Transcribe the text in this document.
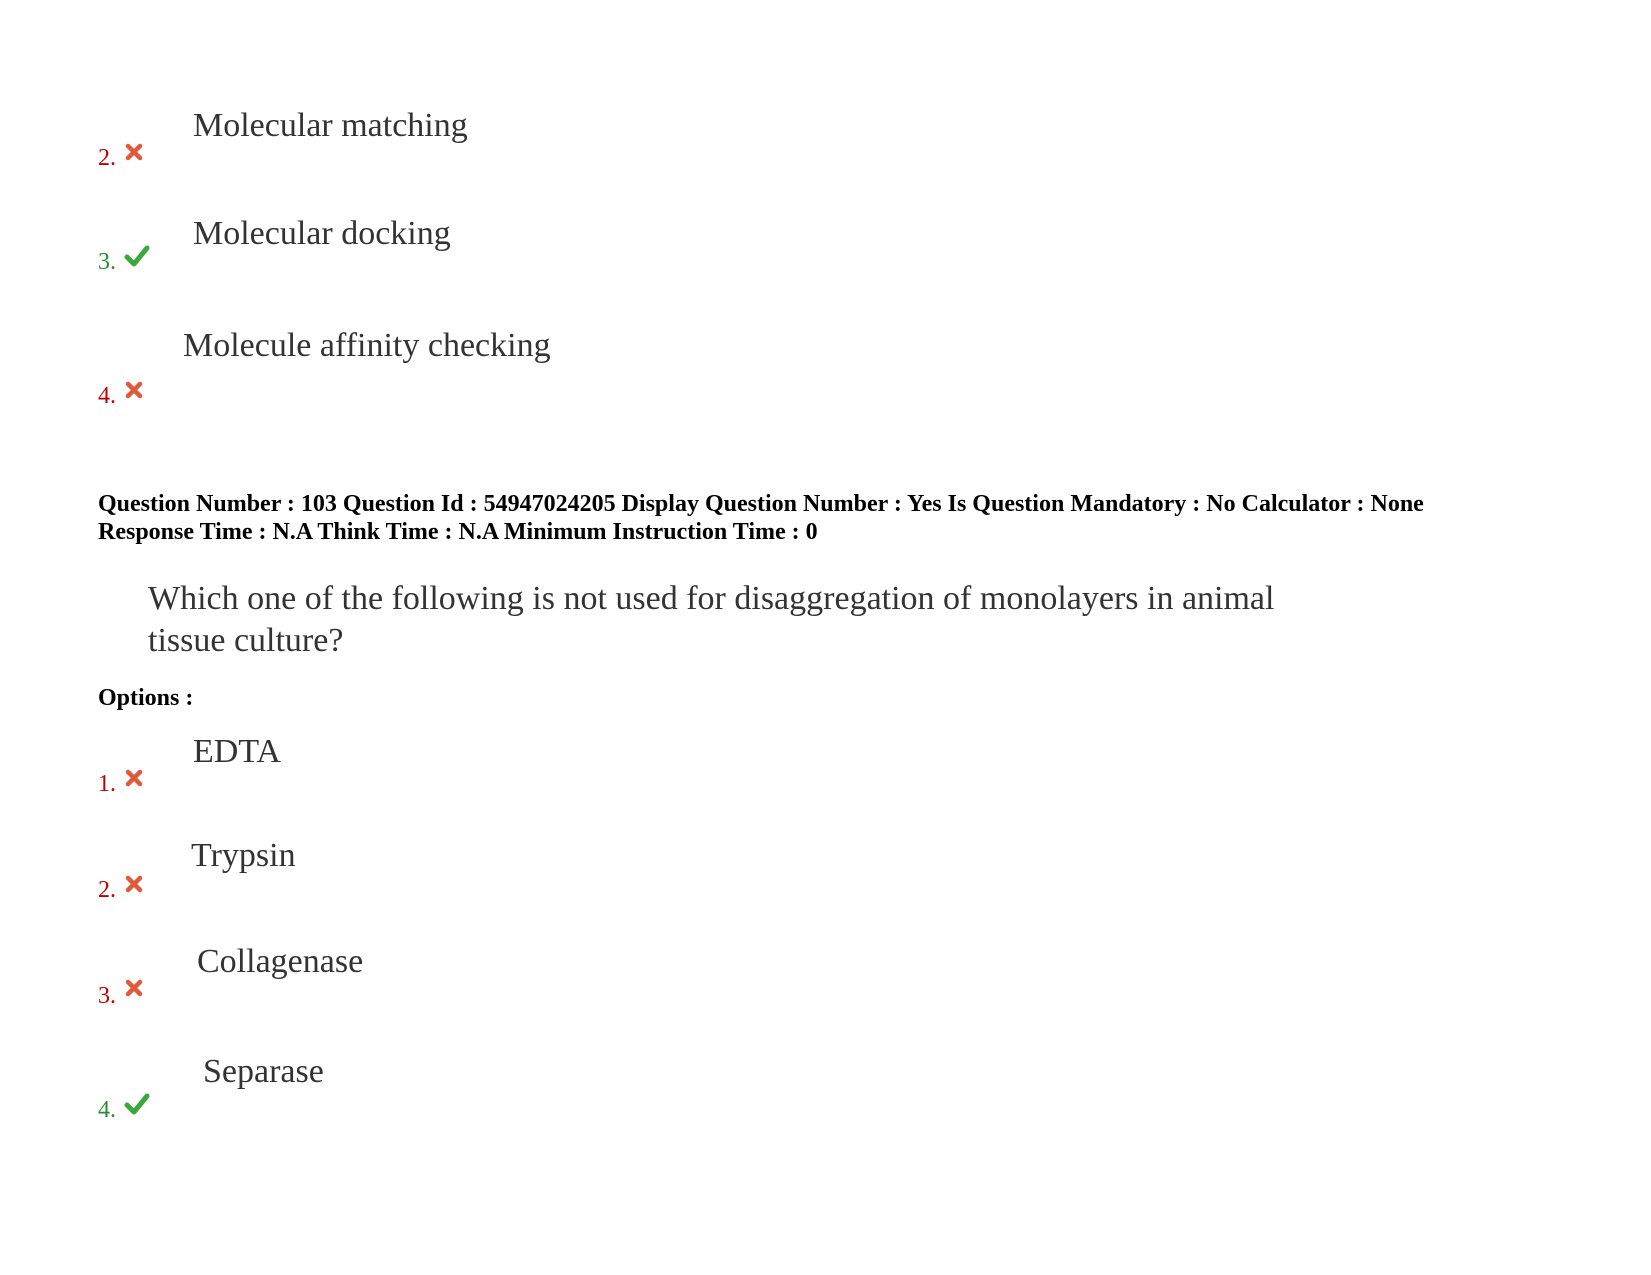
2.
Molecular matching
3.
Molecular docking
4.
Molecule affinity checking
Question Number : 103 Question Id : 54947024205 Display Question Number : Yes Is Question Mandatory : No Calculator : None
Response Time : N.A Think Time : N.A Minimum Instruction Time : 0
Which one of the following is not used for disaggregation of monolayers in animal
tissue culture?
Options :
1.
EDTA
2.
Trypsin
3.
Collagenase
4.
Separase
